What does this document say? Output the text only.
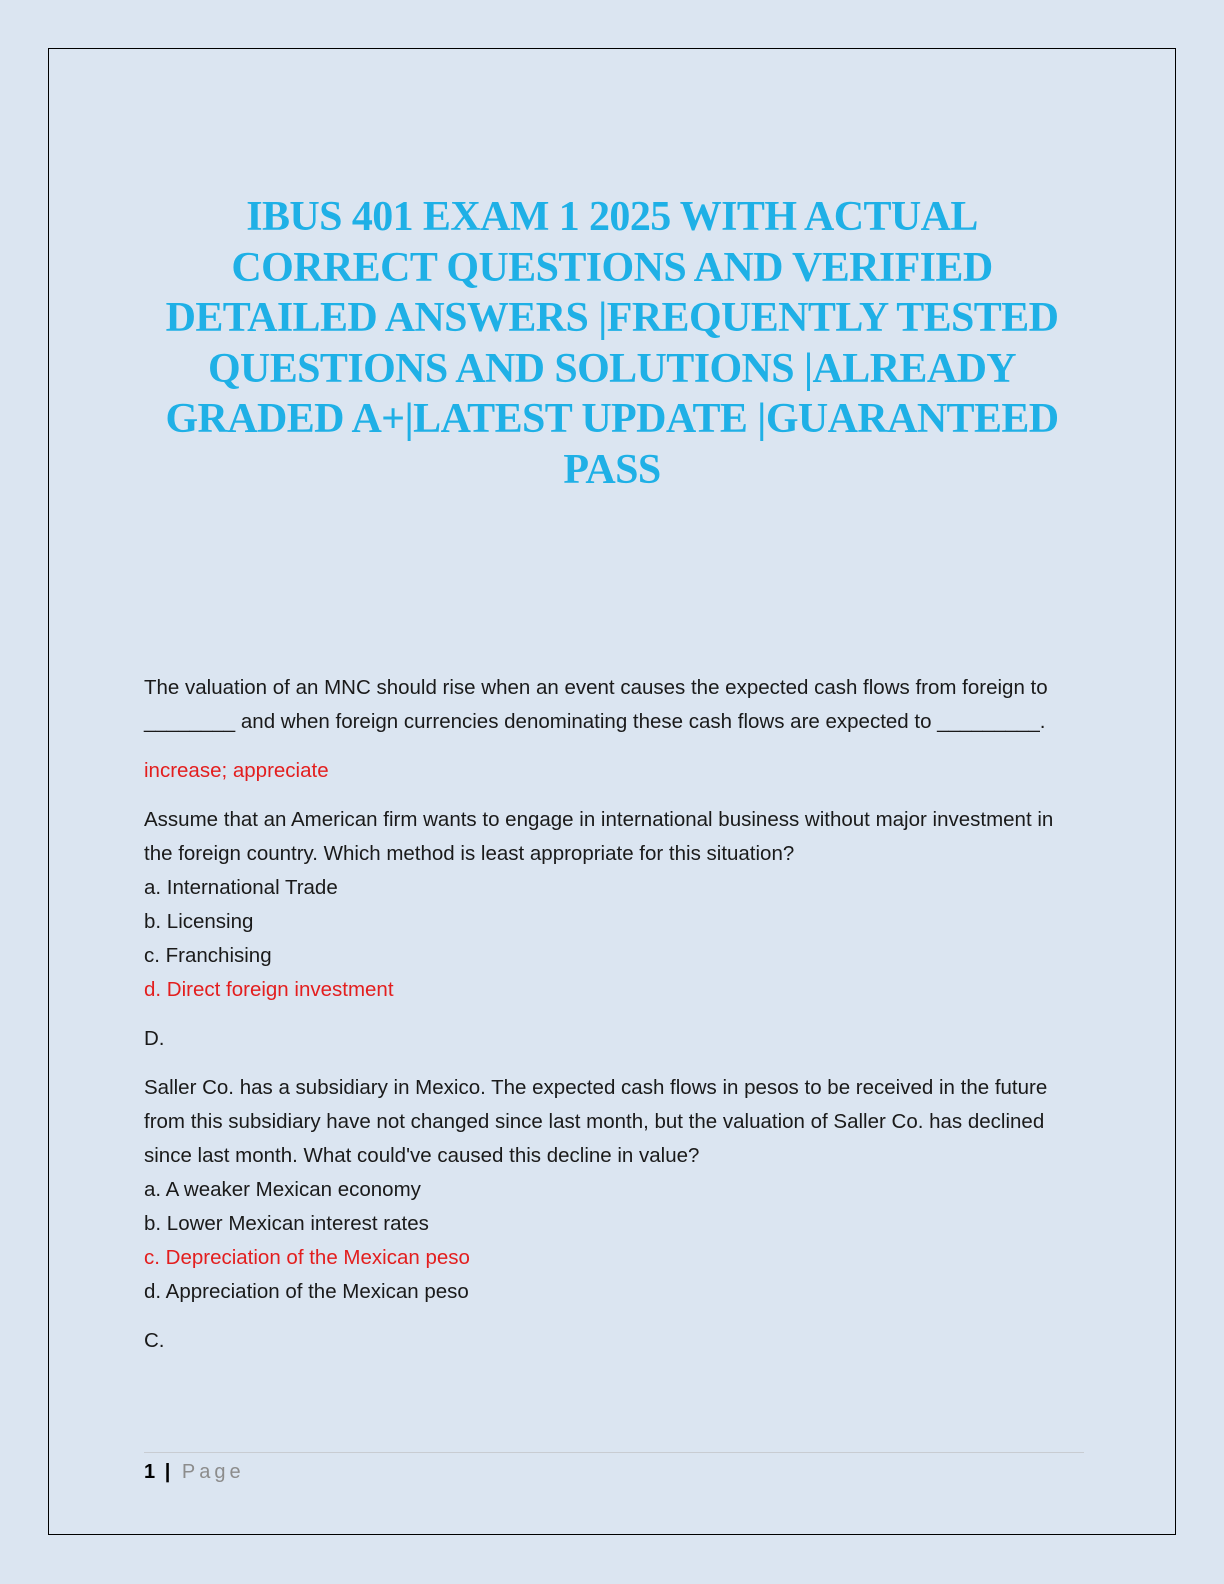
IBUS 401 EXAM 1 2025 WITH ACTUAL CORRECT QUESTIONS AND VERIFIED DETAILED ANSWERS |FREQUENTLY TESTED QUESTIONS AND SOLUTIONS |ALREADY GRADED A+|LATEST UPDATE |GUARANTEED PASS

The valuation of an MNC should rise when an event causes the expected cash flows from foreign to ________ and when foreign currencies denominating these cash flows are expected to _________.

increase; appreciate

Assume that an American firm wants to engage in international business without major investment in the foreign country. Which method is least appropriate for this situation?

a. International Trade

b. Licensing

c. Franchising

d. Direct foreign investment

D.

Saller Co. has a subsidiary in Mexico. The expected cash flows in pesos to be received in the future from this subsidiary have not changed since last month, but the valuation of Saller Co. has declined since last month. What could've caused this decline in value?

a. A weaker Mexican economy

b. Lower Mexican interest rates

c. Depreciation of the Mexican peso

d. Appreciation of the Mexican peso

C.

1 | Page
